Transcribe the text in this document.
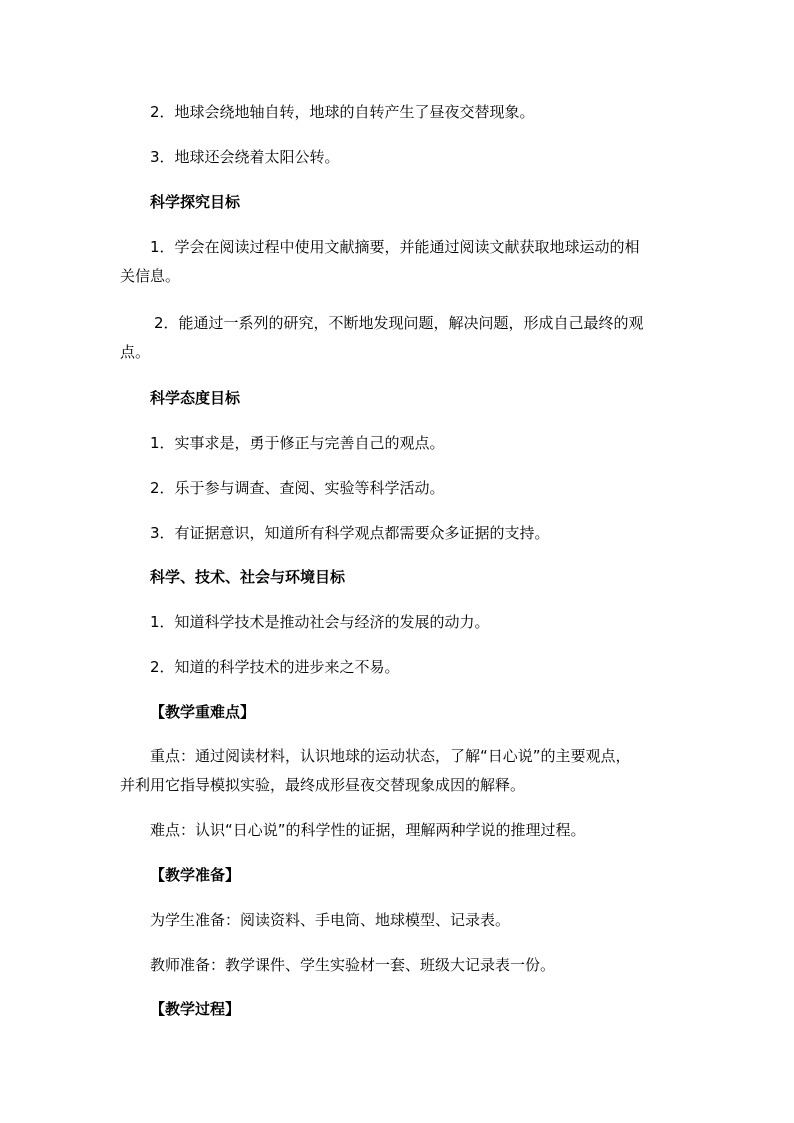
2．地球会绕地轴自转，地球的自转产生了昼夜交替现象。
3．地球还会绕着太阳公转。
科学探究目标
1．学会在阅读过程中使用文献摘要，并能通过阅读文献获取地球运动的相
关信息。
2．能通过一系列的研究，不断地发现问题，解决问题，形成自己最终的观
点。
科学态度目标
1．实事求是，勇于修正与完善自己的观点。
2．乐于参与调查、查阅、实验等科学活动。
3．有证据意识，知道所有科学观点都需要众多证据的支持。
科学、技术、社会与环境目标
1．知道科学技术是推动社会与经济的发展的动力。
2．知道的科学技术的进步来之不易。
【教学重难点】
重点：通过阅读材料，认识地球的运动状态，了解“日心说”的主要观点，
并利用它指导模拟实验，最终成形昼夜交替现象成因的解释。
难点：认识“日心说”的科学性的证据，理解两种学说的推理过程。
【教学准备】
为学生准备：阅读资料、手电筒、地球模型、记录表。
教师准备：教学课件、学生实验材一套、班级大记录表一份。
【教学过程】
